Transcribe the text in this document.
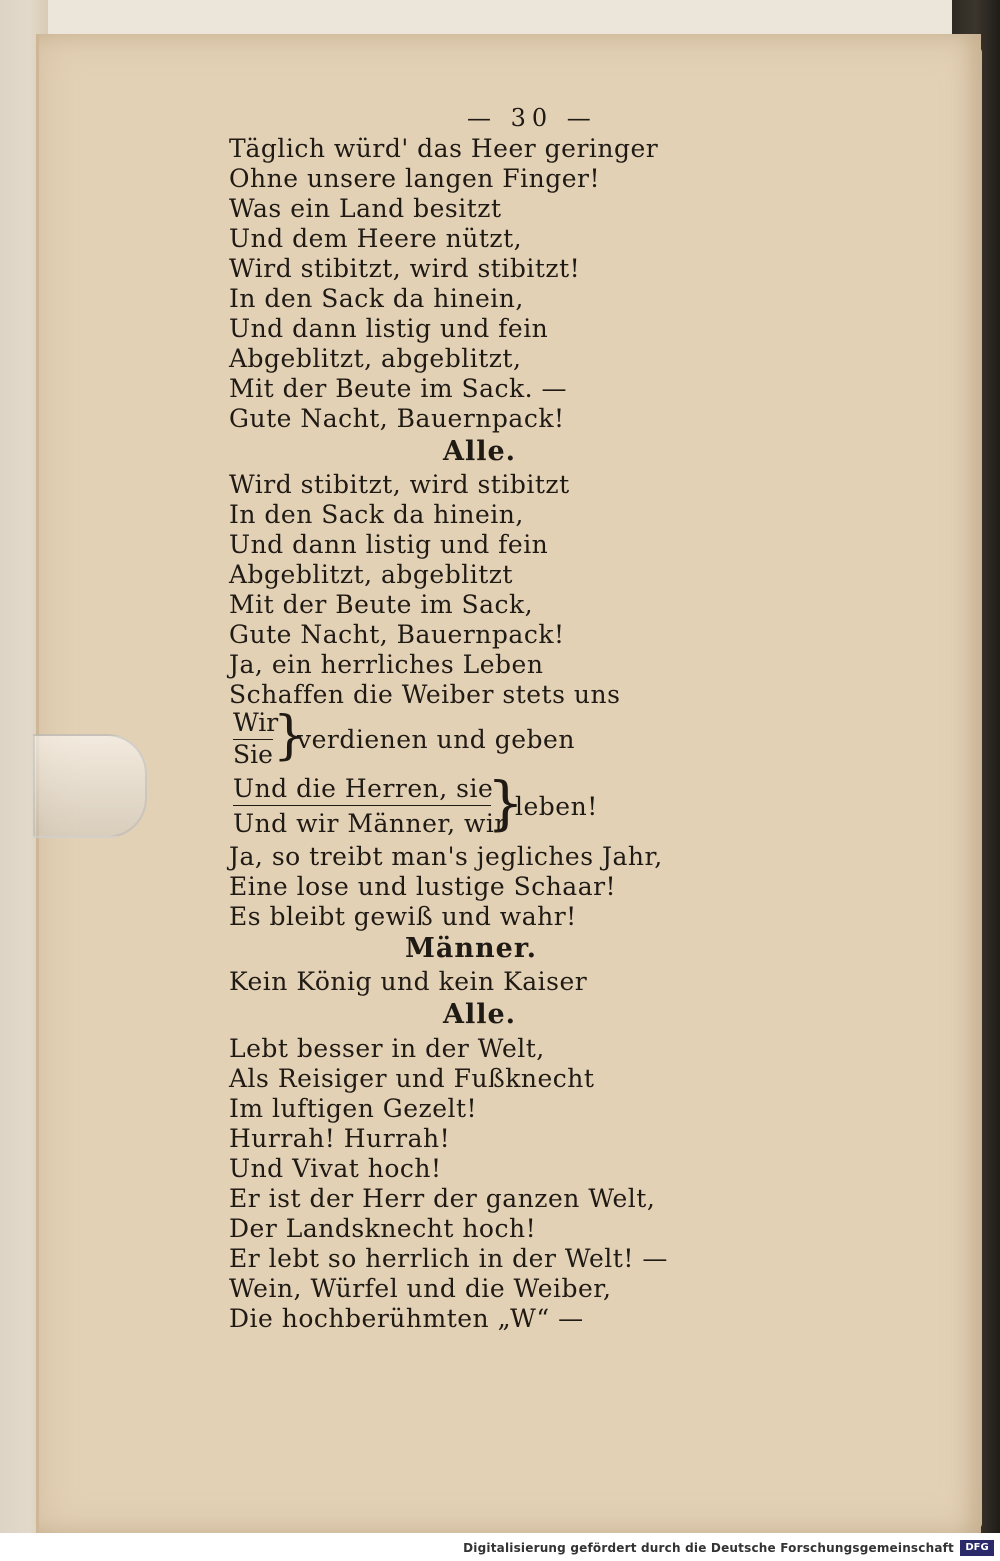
— 30 —
Täglich würd' das Heer geringer
Ohne unsere langen Finger!
Was ein Land besitzt
Und dem Heere nützt,
Wird stibitzt, wird stibitzt!
In den Sack da hinein,
Und dann listig und fein
Abgeblitzt, abgeblitzt,
Mit der Beute im Sack. —
Gute Nacht, Bauernpack!
Alle.
Wird stibitzt, wird stibitzt
In den Sack da hinein,
Und dann listig und fein
Abgeblitzt, abgeblitzt
Mit der Beute im Sack,
Gute Nacht, Bauernpack!
Ja, ein herrliches Leben
Schaffen die Weiber stets uns
Wir
Sie }
verdienen und geben
Und die Herren, sie
Und wir Männer, wir
}
leben!
Ja, so treibt man's jegliches Jahr,
Eine lose und lustige Schaar!
Es bleibt gewiß und wahr!
Männer.
Kein König und kein Kaiser
Alle.
Lebt besser in der Welt,
Als Reisiger und Fußknecht
Im luftigen Gezelt!
Hurrah! Hurrah!
Und Vivat hoch!
Er ist der Herr der ganzen Welt,
Der Landsknecht hoch!
Er lebt so herrlich in der Welt! —
Wein, Würfel und die Weiber,
Die hochberühmten „W“ —
Digitalisierung gefördert durch die Deutsche Forschungsgemeinschaft	DFG
